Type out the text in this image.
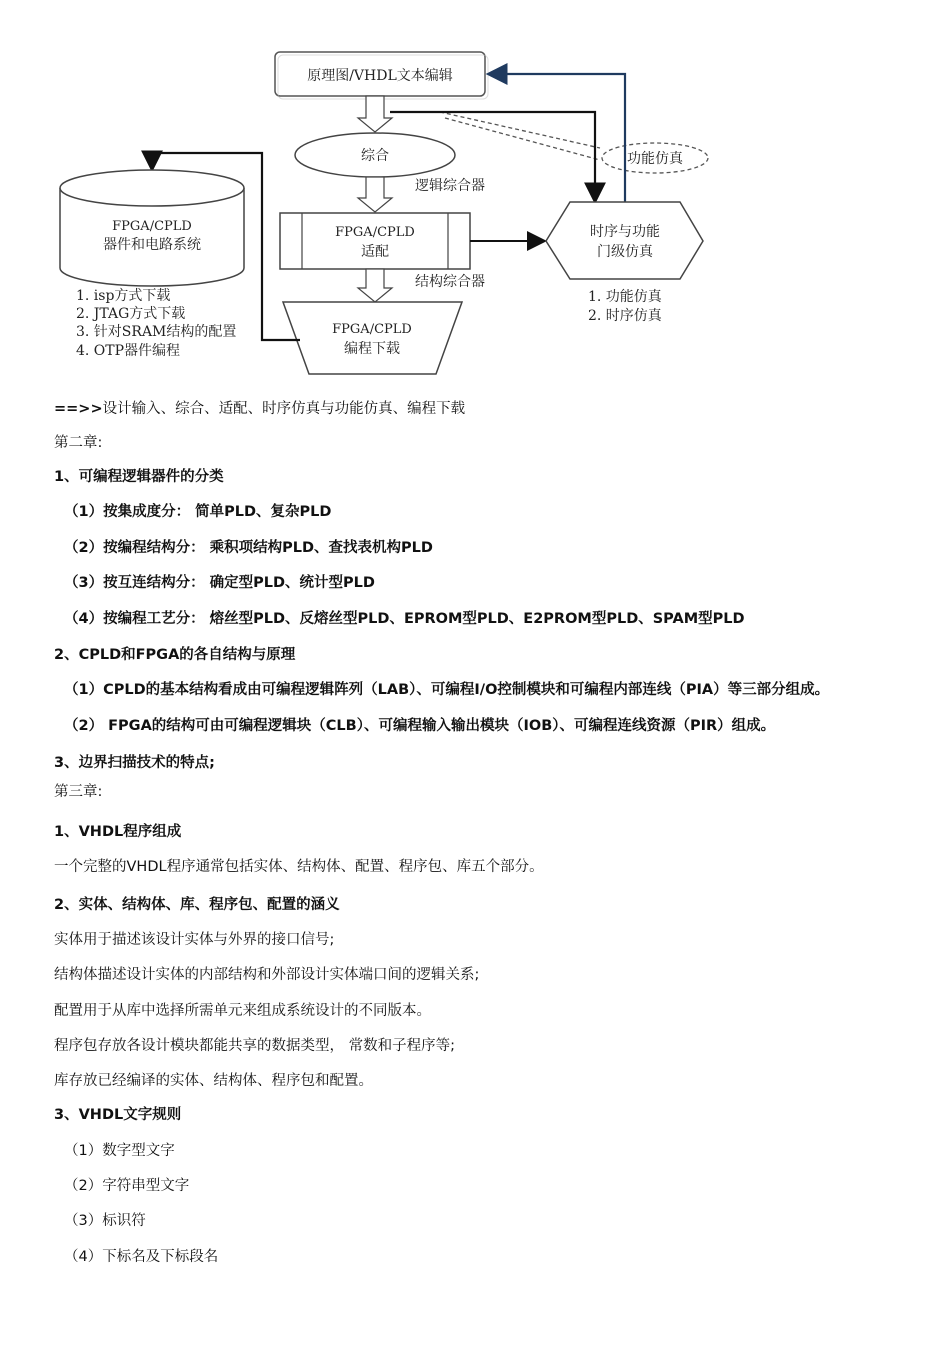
原理图/VHDL文本编辑
综合
逻辑综合器
FPGA/CPLD
适配
结构综合器
FPGA/CPLD
编程下载
FPGA/CPLD
器件和电路系统
1. isp方式下载
2. JTAG方式下载
3. 针对SRAM结构的配置
4. OTP器件编程
功能仿真
时序与功能
门级仿真
1. 功能仿真
2. 时序仿真
==>>设计输入、综合、适配、时序仿真与功能仿真、编程下载
第二章:
1、可编程逻辑器件的分类
（1）按集成度分： 简单PLD、复杂PLD
（2）按编程结构分： 乘积项结构PLD、查找表机构PLD
（3）按互连结构分： 确定型PLD、统计型PLD
（4）按编程工艺分： 熔丝型PLD、反熔丝型PLD、EPROM型PLD、E2PROM型PLD、SPAM型PLD
2、CPLD和FPGA的各自结构与原理
（1）CPLD的基本结构看成由可编程逻辑阵列（LAB）、可编程I/O控制模块和可编程内部连线（PIA）等三部分组成。
（2） FPGA的结构可由可编程逻辑块（CLB）、可编程输入输出模块（IOB）、可编程连线资源（PIR）组成。
3、边界扫描技术的特点;
第三章:
1、VHDL程序组成
一个完整的VHDL程序通常包括实体、结构体、配置、程序包、库五个部分。
2、实体、结构体、库、程序包、配置的涵义
实体用于描述该设计实体与外界的接口信号;
结构体描述设计实体的内部结构和外部设计实体端口间的逻辑关系;
配置用于从库中选择所需单元来组成系统设计的不同版本。
程序包存放各设计模块都能共享的数据类型， 常数和子程序等;
库存放已经编译的实体、结构体、程序包和配置。
3、VHDL文字规则
（1）数字型文字
（2）字符串型文字
（3）标识符
（4）下标名及下标段名
